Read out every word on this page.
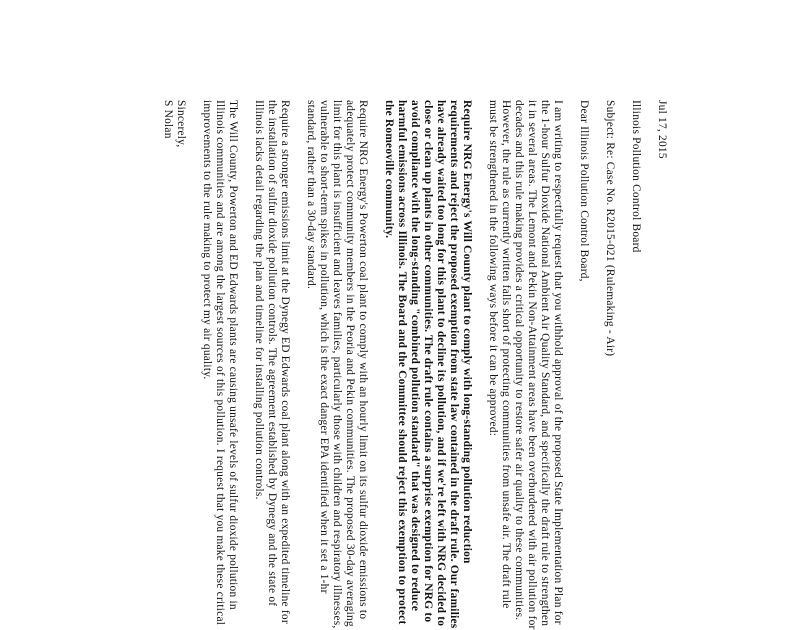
Jul 17, 2015

Illinois Pollution Control Board

Subject: Re: Case No. R2015-021 (Rulemaking - Air)

Dear Illinois Pollution Control Board,

I am writing to respectfully request that you withhold approval of the proposed State Implementation Plan for the 1-hour Sulfur Dioxide National Ambient Air Quality Standard, and specifically the draft rule to strengthen it in several areas. The Lemont and Pekin Non-Attainment areas have been overburdened with air pollution for decades and this rule making provides a critical opportunity to restore safer air quality to these communities. However, the rule as currently written falls short of protecting communities from unsafe air. The draft rule must be strengthened in the following ways before it can be approved:

Require NRG Energy's Will County plant to comply with long-standing pollution reduction requirements and reject the proposed exemption from state law contained in the draft rule. Our families have already waited too long for this plant to decline its pollution, and if we're left with NRG decided to close or clean up plants in other communities. The draft rule contains a surprise exemption for NRG to avoid compliance with the long-standing "combined pollution standard" that was designed to reduce harmful emissions across Illinois. The Board and the Committee should reject this exemption to protect the Romeoville community.

Require NRG Energy's Powerton coal plant to comply with an hourly limit on its sulfur dioxide emissions to adequately protect community members in the Peoria and Pekin communities. The proposed 30-day averaging limit for this plant is insufficient and leaves families, particularly those with children and respiratory illnesses, vulnerable to short-term spikes in pollution, which is the exact danger EPA identified when it set a 1-hr standard, rather than a 30-day standard.

Require a stronger emissions limit at the Dynegy ED Edwards coal plant along with an expedited timeline for the installation of sulfur dioxide pollution controls. The agreement established by Dynegy and the state of Illinois lacks detail regarding the plan and timeline for installing pollution controls.

The Will County, Powerton and ED Edwards plants are causing unsafe levels of sulfur dioxide pollution in Illinois communities and are among the largest sources of this pollution. I request that you make these critical improvements to the rule making to protect my air quality.

Sincerely,

S Nolan
